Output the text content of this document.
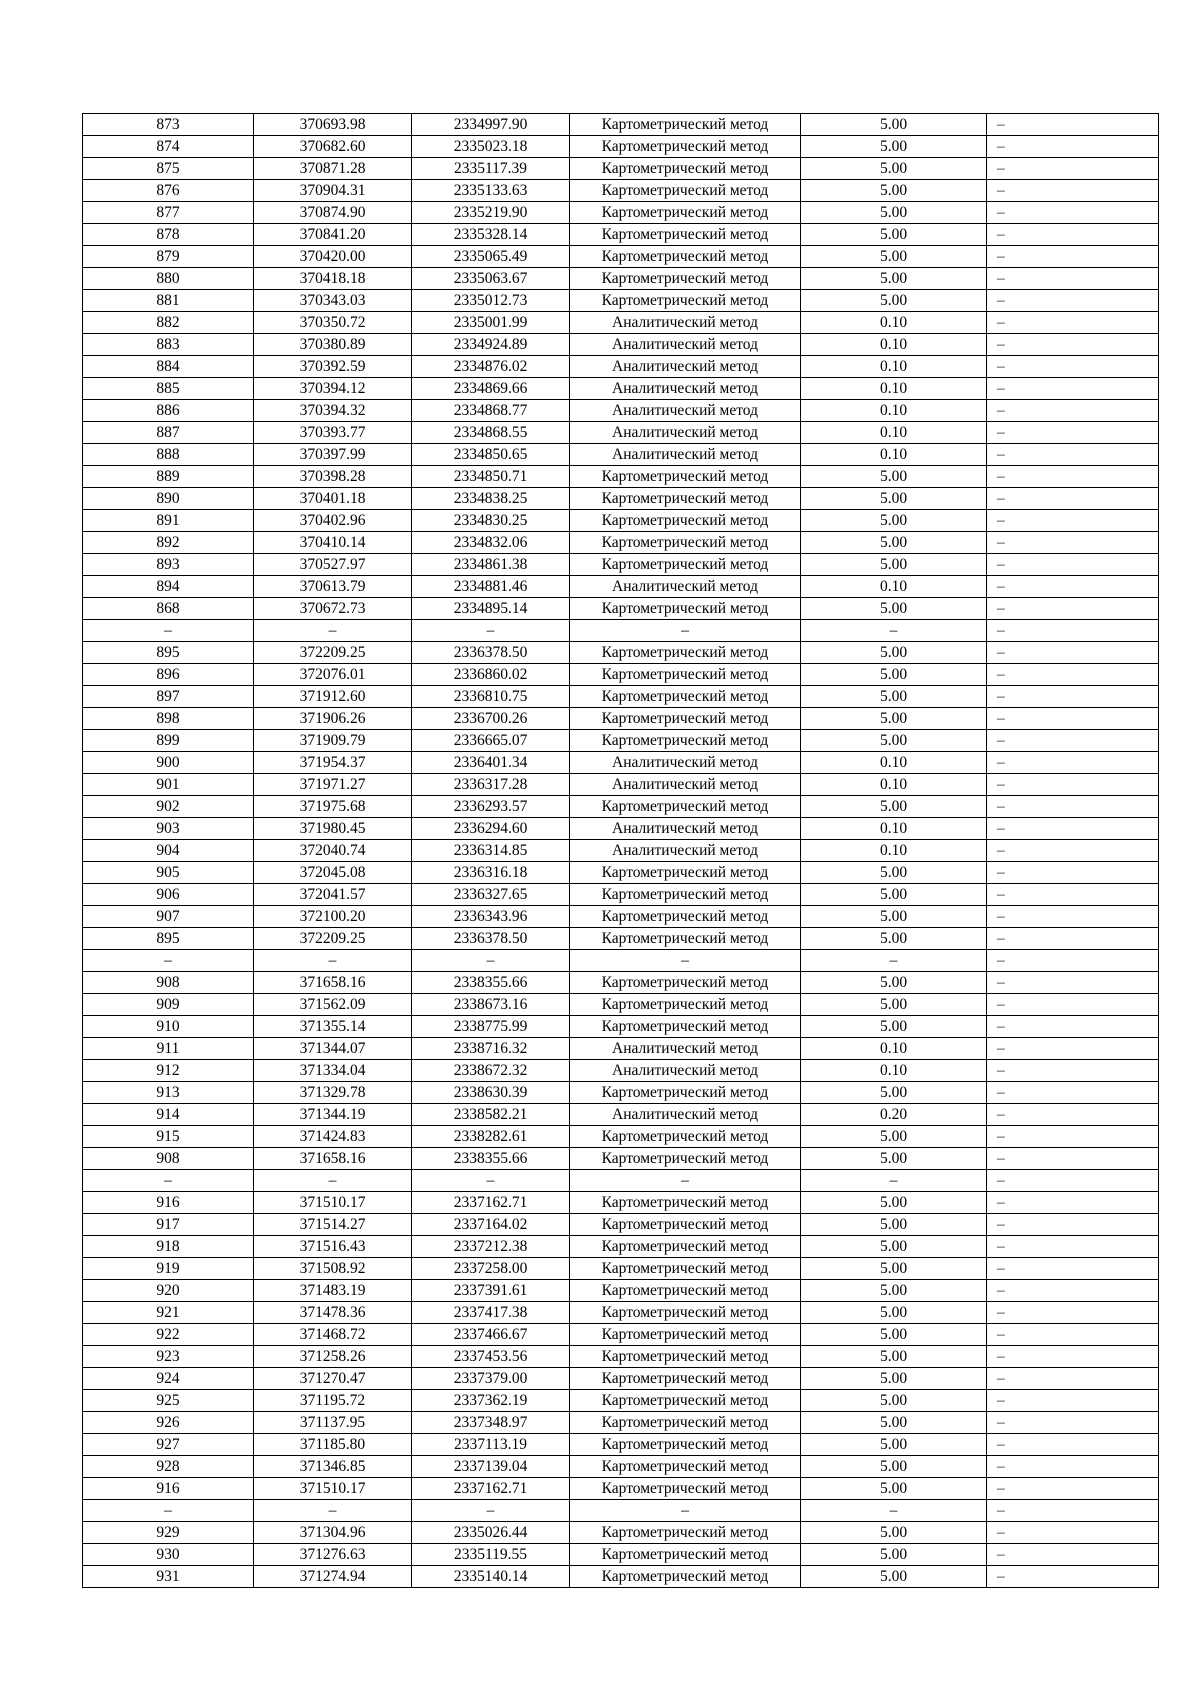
873	370693.98	2334997.90	Картометрический метод	5.00	–
874	370682.60	2335023.18	Картометрический метод	5.00	–
875	370871.28	2335117.39	Картометрический метод	5.00	–
876	370904.31	2335133.63	Картометрический метод	5.00	–
877	370874.90	2335219.90	Картометрический метод	5.00	–
878	370841.20	2335328.14	Картометрический метод	5.00	–
879	370420.00	2335065.49	Картометрический метод	5.00	–
880	370418.18	2335063.67	Картометрический метод	5.00	–
881	370343.03	2335012.73	Картометрический метод	5.00	–
882	370350.72	2335001.99	Аналитический метод	0.10	–
883	370380.89	2334924.89	Аналитический метод	0.10	–
884	370392.59	2334876.02	Аналитический метод	0.10	–
885	370394.12	2334869.66	Аналитический метод	0.10	–
886	370394.32	2334868.77	Аналитический метод	0.10	–
887	370393.77	2334868.55	Аналитический метод	0.10	–
888	370397.99	2334850.65	Аналитический метод	0.10	–
889	370398.28	2334850.71	Картометрический метод	5.00	–
890	370401.18	2334838.25	Картометрический метод	5.00	–
891	370402.96	2334830.25	Картометрический метод	5.00	–
892	370410.14	2334832.06	Картометрический метод	5.00	–
893	370527.97	2334861.38	Картометрический метод	5.00	–
894	370613.79	2334881.46	Аналитический метод	0.10	–
868	370672.73	2334895.14	Картометрический метод	5.00	–
–	–	–	–	–	–
895	372209.25	2336378.50	Картометрический метод	5.00	–
896	372076.01	2336860.02	Картометрический метод	5.00	–
897	371912.60	2336810.75	Картометрический метод	5.00	–
898	371906.26	2336700.26	Картометрический метод	5.00	–
899	371909.79	2336665.07	Картометрический метод	5.00	–
900	371954.37	2336401.34	Аналитический метод	0.10	–
901	371971.27	2336317.28	Аналитический метод	0.10	–
902	371975.68	2336293.57	Картометрический метод	5.00	–
903	371980.45	2336294.60	Аналитический метод	0.10	–
904	372040.74	2336314.85	Аналитический метод	0.10	–
905	372045.08	2336316.18	Картометрический метод	5.00	–
906	372041.57	2336327.65	Картометрический метод	5.00	–
907	372100.20	2336343.96	Картометрический метод	5.00	–
895	372209.25	2336378.50	Картометрический метод	5.00	–
–	–	–	–	–	–
908	371658.16	2338355.66	Картометрический метод	5.00	–
909	371562.09	2338673.16	Картометрический метод	5.00	–
910	371355.14	2338775.99	Картометрический метод	5.00	–
911	371344.07	2338716.32	Аналитический метод	0.10	–
912	371334.04	2338672.32	Аналитический метод	0.10	–
913	371329.78	2338630.39	Картометрический метод	5.00	–
914	371344.19	2338582.21	Аналитический метод	0.20	–
915	371424.83	2338282.61	Картометрический метод	5.00	–
908	371658.16	2338355.66	Картометрический метод	5.00	–
–	–	–	–	–	–
916	371510.17	2337162.71	Картометрический метод	5.00	–
917	371514.27	2337164.02	Картометрический метод	5.00	–
918	371516.43	2337212.38	Картометрический метод	5.00	–
919	371508.92	2337258.00	Картометрический метод	5.00	–
920	371483.19	2337391.61	Картометрический метод	5.00	–
921	371478.36	2337417.38	Картометрический метод	5.00	–
922	371468.72	2337466.67	Картометрический метод	5.00	–
923	371258.26	2337453.56	Картометрический метод	5.00	–
924	371270.47	2337379.00	Картометрический метод	5.00	–
925	371195.72	2337362.19	Картометрический метод	5.00	–
926	371137.95	2337348.97	Картометрический метод	5.00	–
927	371185.80	2337113.19	Картометрический метод	5.00	–
928	371346.85	2337139.04	Картометрический метод	5.00	–
916	371510.17	2337162.71	Картометрический метод	5.00	–
–	–	–	–	–	–
929	371304.96	2335026.44	Картометрический метод	5.00	–
930	371276.63	2335119.55	Картометрический метод	5.00	–
931	371274.94	2335140.14	Картометрический метод	5.00	–
